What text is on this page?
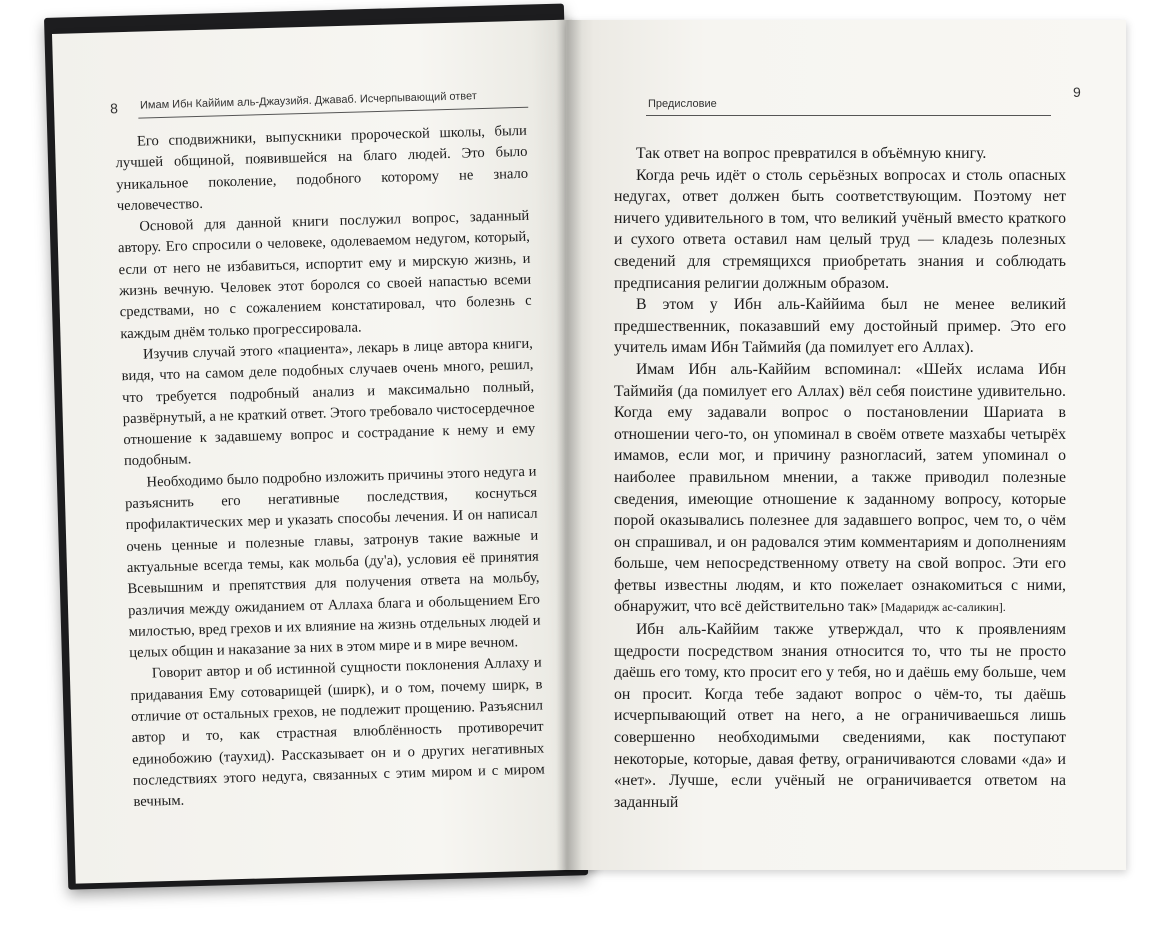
8 Имам Ибн Каййим аль-Джаузийя. Джаваб. Исчерпывающий ответ

Его сподвижники, выпускники пророческой школы, были лучшей общиной, появившейся на благо людей. Это было уникальное поколение, подобного которому не знало человечество.

Основой для данной книги послужил вопрос, заданный автору. Его спросили о человеке, одолеваемом недугом, который, если от него не избавиться, испортит ему и мирскую жизнь, и жизнь вечную. Человек этот боролся со своей напастью всеми средствами, но с сожалением констатировал, что болезнь с каждым днём только прогрессировала.

Изучив случай этого «пациента», лекарь в лице автора книги, видя, что на самом деле подобных случаев очень много, решил, что требуется подробный анализ и максимально полный, развёрнутый, а не краткий ответ. Этого требовало чистосердечное отношение к задавшему вопрос и сострадание к нему и ему подобным.

Необходимо было подробно изложить причины этого недуга и разъяснить его негативные последствия, коснуться профилактических мер и указать способы лечения. И он написал очень ценные и полезные главы, затронув такие важные и актуальные всегда темы, как мольба (ду'а), условия её принятия Всевышним и препятствия для получения ответа на мольбу, различия между ожиданием от Аллаха блага и обольщением Его милостью, вред грехов и их влияние на жизнь отдельных людей и целых общин и наказание за них в этом мире и в мире вечном.

Говорит автор и об истинной сущности поклонения Аллаху и придавания Ему сотоварищей (ширк), и о том, почему ширк, в отличие от остальных грехов, не подлежит прощению. Разъяснил автор и то, как страстная влюблённость противоречит единобожию (таухид). Рассказывает он и о других негативных последствиях этого недуга, связанных с этим миром и с миром вечным.

Предисловие
9

Так ответ на вопрос превратился в объёмную книгу.

Когда речь идёт о столь серьёзных вопросах и столь опасных недугах, ответ должен быть соответствующим. Поэтому нет ничего удивительного в том, что великий учёный вместо краткого и сухого ответа оставил нам целый труд — кладезь полезных сведений для стремящихся приобретать знания и соблюдать предписания религии должным образом.

В этом у Ибн аль-Каййима был не менее великий предшественник, показавший ему достойный пример. Это его учитель имам Ибн Таймийя (да помилует его Аллах).

Имам Ибн аль-Каййим вспоминал: «Шейх ислама Ибн Таймийя (да помилует его Аллах) вёл себя поистине удивительно. Когда ему задавали вопрос о постановлении Шариата в отношении чего-то, он упоминал в своём ответе мазхабы четырёх имамов, если мог, и причину разногласий, затем упоминал о наиболее правильном мнении, а также приводил полезные сведения, имеющие отношение к заданному вопросу, которые порой оказывались полезнее для задавшего вопрос, чем то, о чём он спрашивал, и он радовался этим комментариям и дополнениям больше, чем непосредственному ответу на свой вопрос. Эти его фетвы известны людям, и кто пожелает ознакомиться с ними, обнаружит, что всё действительно так» [Мадаридж ас-саликин].

Ибн аль-Каййим также утверждал, что к проявлениям щедрости посредством знания относится то, что ты не просто даёшь его тому, кто просит его у тебя, но и даёшь ему больше, чем он просит. Когда тебе задают вопрос о чём-то, ты даёшь исчерпывающий ответ на него, а не ограничиваешься лишь совершенно необходимыми сведениями, как поступают некоторые, которые, давая фетву, ограничиваются словами «да» и «нет». Лучше, если учёный не ограничивается ответом на заданный
